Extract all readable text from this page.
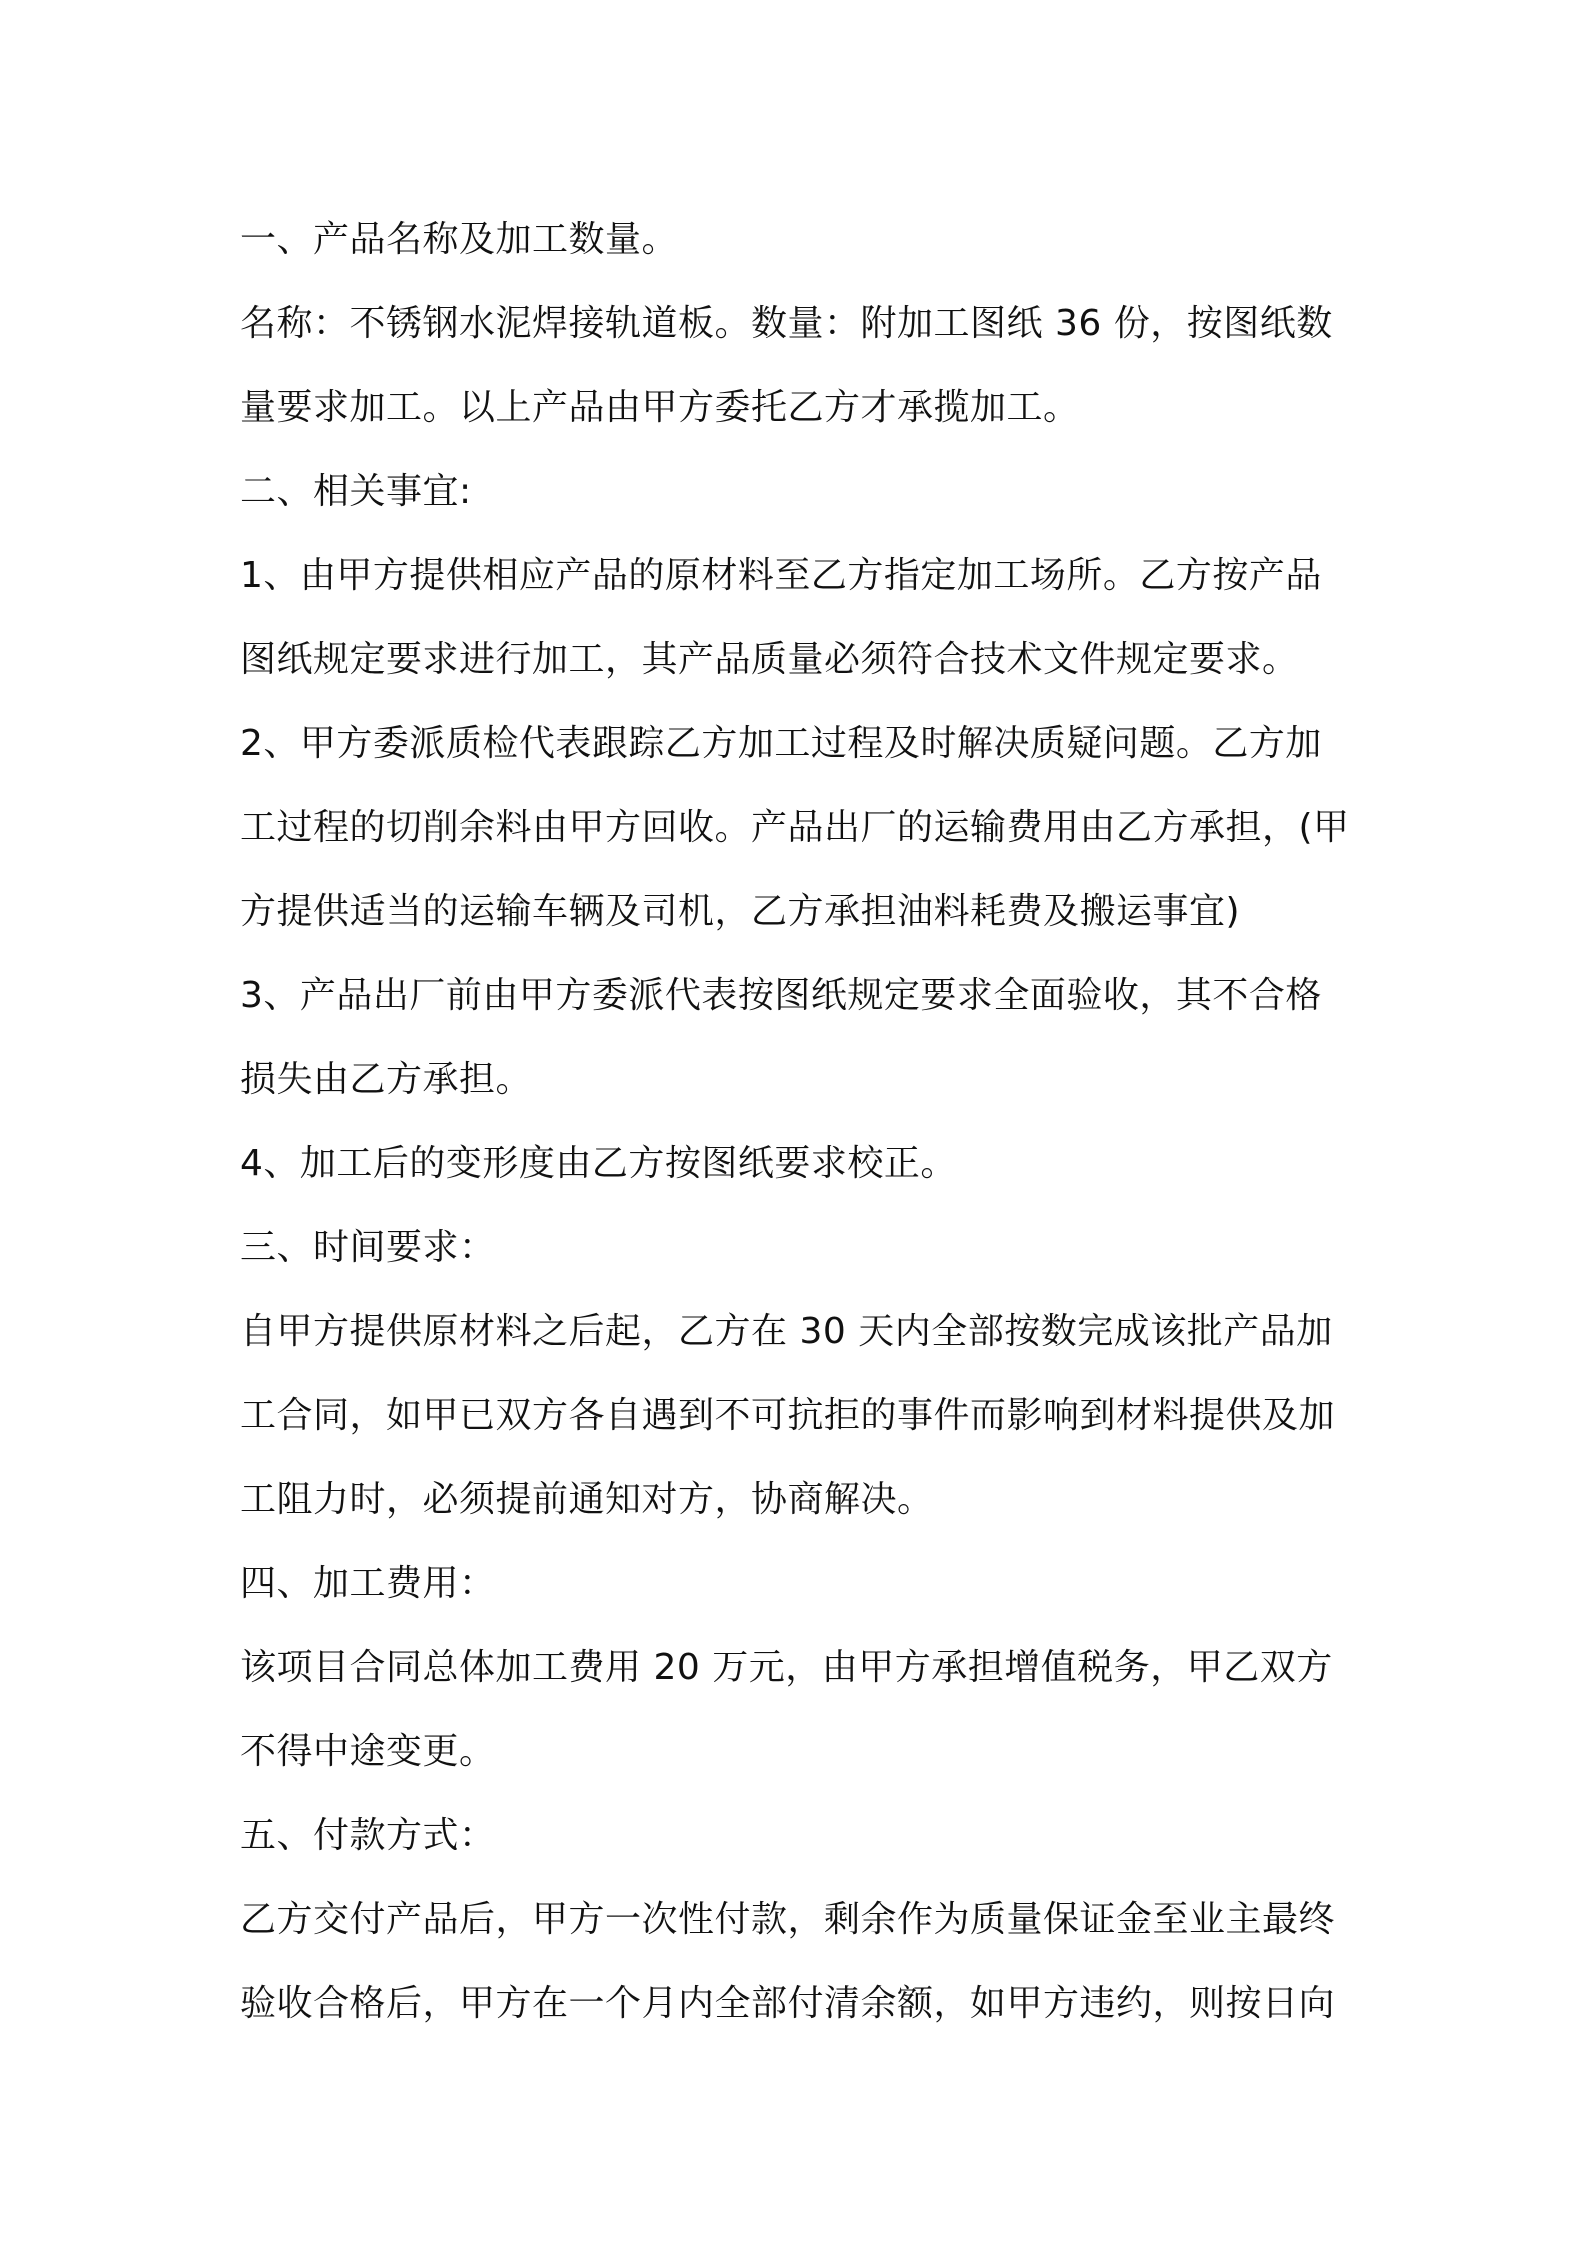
一、产品名称及加工数量。
名称：不锈钢水泥焊接轨道板。数量：附加工图纸 36 份，按图纸数
量要求加工。以上产品由甲方委托乙方才承揽加工。
二、相关事宜:
1、由甲方提供相应产品的原材料至乙方指定加工场所。乙方按产品
图纸规定要求进行加工，其产品质量必须符合技术文件规定要求。
2、甲方委派质检代表跟踪乙方加工过程及时解决质疑问题。乙方加
工过程的切削余料由甲方回收。产品出厂的运输费用由乙方承担，(甲
方提供适当的运输车辆及司机，乙方承担油料耗费及搬运事宜)
3、产品出厂前由甲方委派代表按图纸规定要求全面验收，其不合格
损失由乙方承担。
4、加工后的变形度由乙方按图纸要求校正。
三、时间要求：
自甲方提供原材料之后起，乙方在 30 天内全部按数完成该批产品加
工合同，如甲已双方各自遇到不可抗拒的事件而影响到材料提供及加
工阻力时，必须提前通知对方，协商解决。
四、加工费用：
该项目合同总体加工费用 20 万元，由甲方承担增值税务，甲乙双方
不得中途变更。
五、付款方式：
乙方交付产品后，甲方一次性付款，剩余作为质量保证金至业主最终
验收合格后，甲方在一个月内全部付清余额，如甲方违约，则按日向
